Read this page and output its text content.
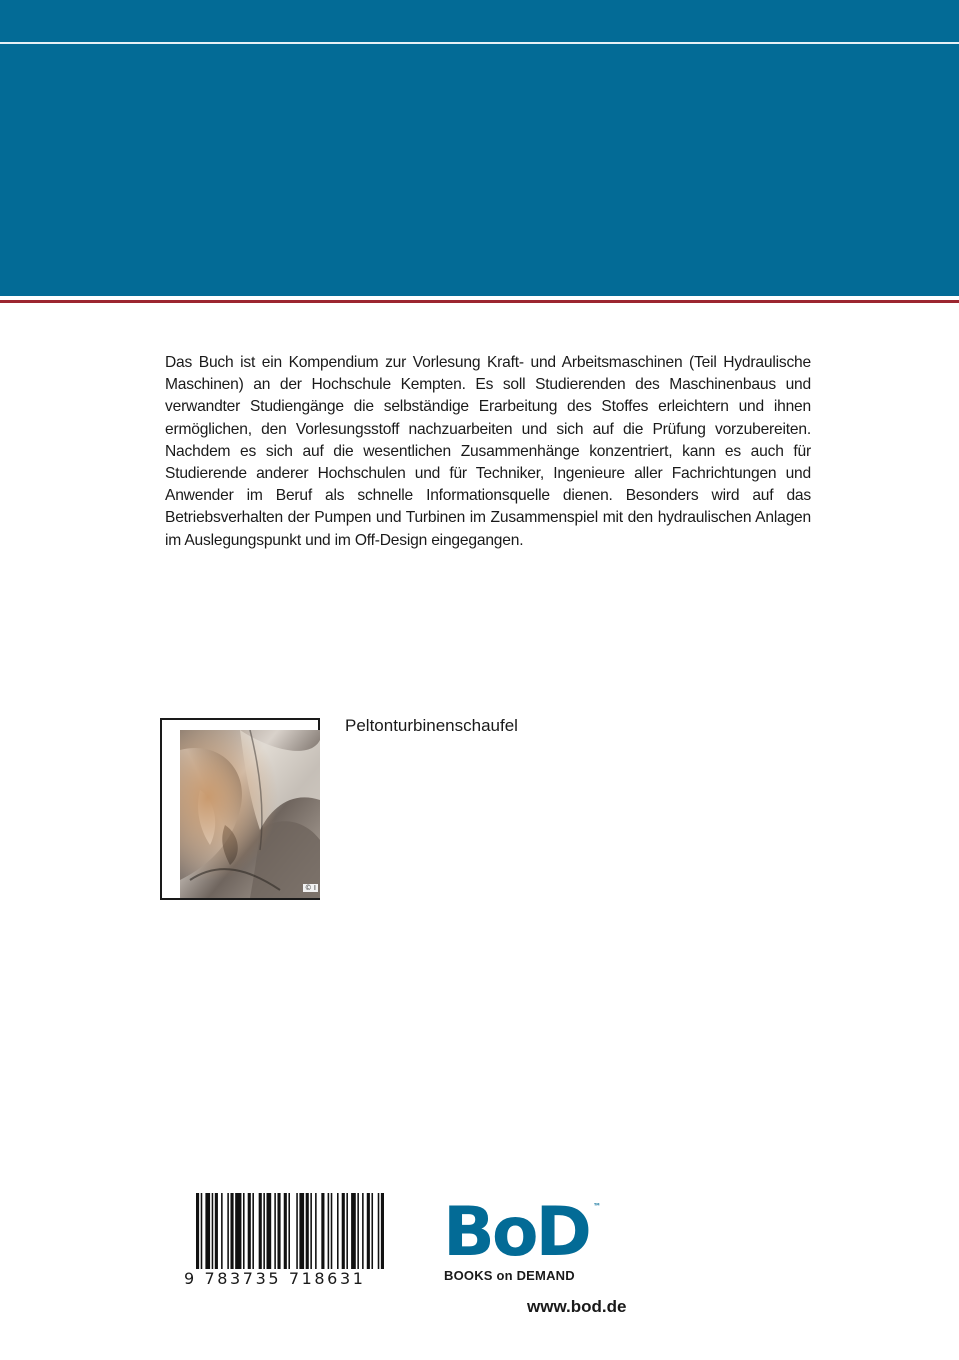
Das Buch ist ein Kompendium zur Vorlesung Kraft- und Arbeitsmaschinen (Teil Hydraulische Maschinen) an der Hochschule Kempten. Es soll Studierenden des Maschinenbaus und verwandter Studiengänge die selbständige Erarbeitung des Stoffes erleichtern und ihnen ermöglichen, den Vorlesungsstoff nachzuarbeiten und sich auf die Prüfung vorzubereiten. Nachdem es sich auf die wesentlichen Zusammenhänge konzentriert, kann es auch für Studierende anderer Hochschulen und für Techniker, Ingenieure aller Fachrichtungen und Anwender im Beruf als schnelle Informationsquelle dienen. Besonders wird auf das Betriebsverhalten der Pumpen und Turbinen im Zusammenspiel mit den hydraulischen Anlagen im Auslegungspunkt und im Off-Design eingegangen.

© I
Peltonturbinenschaufel
9 783735 718631
BoD ™
BOOKS on DEMAND
www.bod.de
